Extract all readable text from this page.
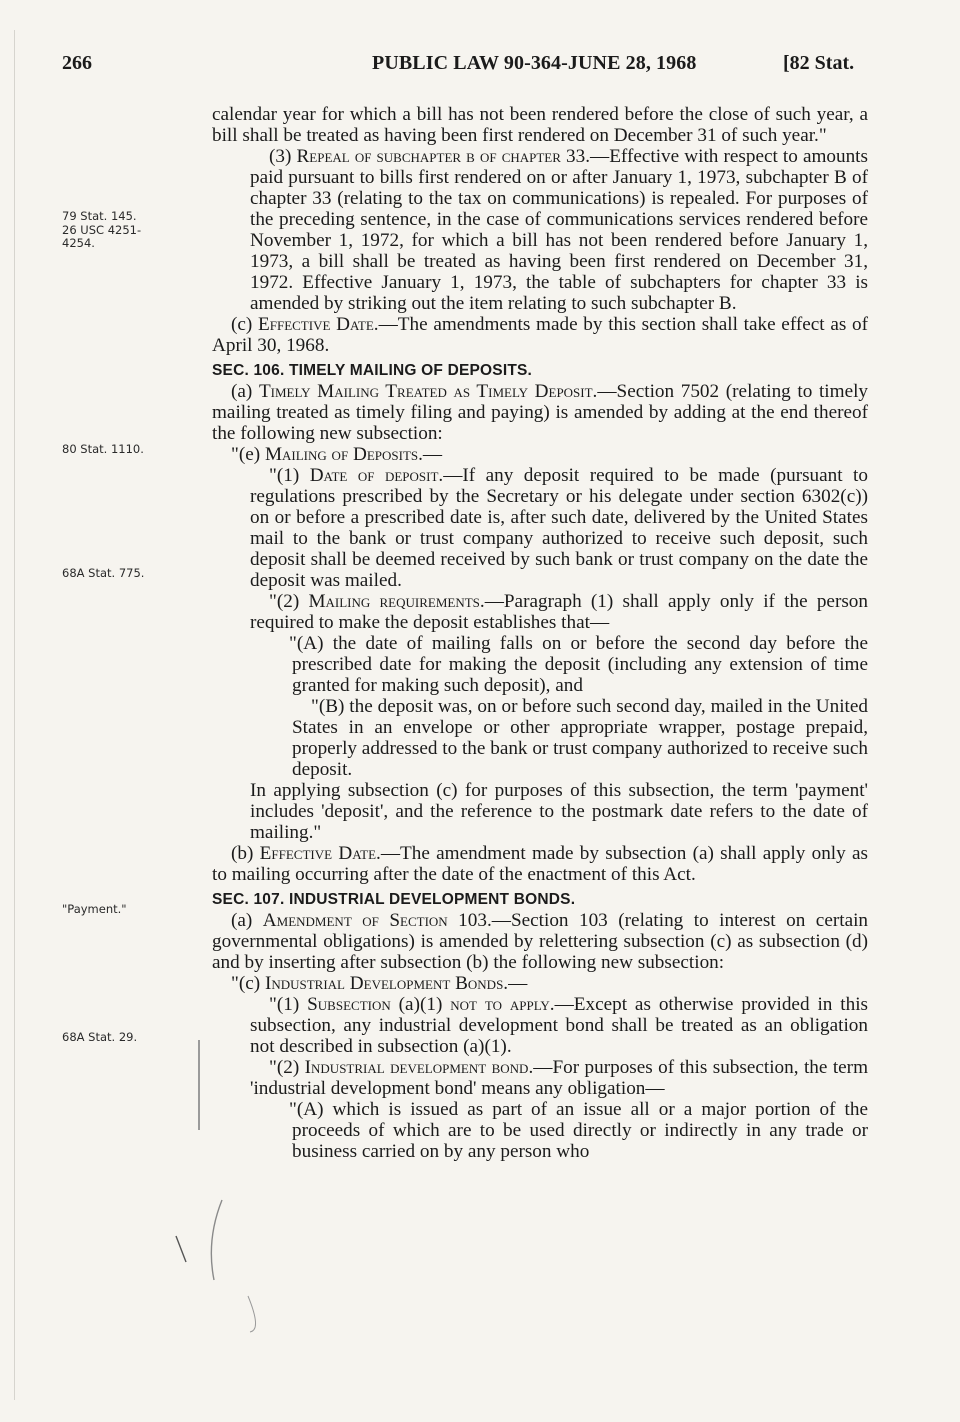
266	PUBLIC LAW 90-364-JUNE 28, 1968	[82 Stat.
79 Stat. 145.
26 USC 4251-
4254.
80 Stat. 1110.
68A Stat. 775.
"Payment."
68A Stat. 29.

calendar year for which a bill has not been rendered before the close of such year, a bill shall be treated as having been first rendered on December 31 of such year."

(3) Repeal of subchapter b of chapter 33.—Effective with respect to amounts paid pursuant to bills first rendered on or after January 1, 1973, subchapter B of chapter 33 (relating to the tax on communications) is repealed. For purposes of the preceding sentence, in the case of communications services rendered before November 1, 1972, for which a bill has not been rendered before January 1, 1973, a bill shall be treated as having been first rendered on December 31, 1972. Effective January 1, 1973, the table of subchapters for chapter 33 is amended by striking out the item relating to such subchapter B.

(c) Effective Date.—The amendments made by this section shall take effect as of April 30, 1968.

SEC. 106. TIMELY MAILING OF DEPOSITS.

(a) Timely Mailing Treated as Timely Deposit.—Section 7502 (relating to timely mailing treated as timely filing and paying) is amended by adding at the end thereof the following new subsection:

"(e) Mailing of Deposits.—

"(1) Date of deposit.—If any deposit required to be made (pursuant to regulations prescribed by the Secretary or his delegate under section 6302(c)) on or before a prescribed date is, after such date, delivered by the United States mail to the bank or trust company authorized to receive such deposit, such deposit shall be deemed received by such bank or trust company on the date the deposit was mailed.

"(2) Mailing requirements.—Paragraph (1) shall apply only if the person required to make the deposit establishes that—

"(A) the date of mailing falls on or before the second day before the prescribed date for making the deposit (including any extension of time granted for making such deposit), and

"(B) the deposit was, on or before such second day, mailed in the United States in an envelope or other appropriate wrapper, postage prepaid, properly addressed to the bank or trust company authorized to receive such deposit.

In applying subsection (c) for purposes of this subsection, the term 'payment' includes 'deposit', and the reference to the postmark date refers to the date of mailing."

(b) Effective Date.—The amendment made by subsection (a) shall apply only as to mailing occurring after the date of the enactment of this Act.

SEC. 107. INDUSTRIAL DEVELOPMENT BONDS.

(a) Amendment of Section 103.—Section 103 (relating to interest on certain governmental obligations) is amended by relettering subsection (c) as subsection (d) and by inserting after subsection (b) the following new subsection:

"(c) Industrial Development Bonds.—

"(1) Subsection (a)(1) not to apply.—Except as otherwise provided in this subsection, any industrial development bond shall be treated as an obligation not described in subsection (a)(1).

"(2) Industrial development bond.—For purposes of this subsection, the term 'industrial development bond' means any obligation—

"(A) which is issued as part of an issue all or a major portion of the proceeds of which are to be used directly or indirectly in any trade or business carried on by any person who
